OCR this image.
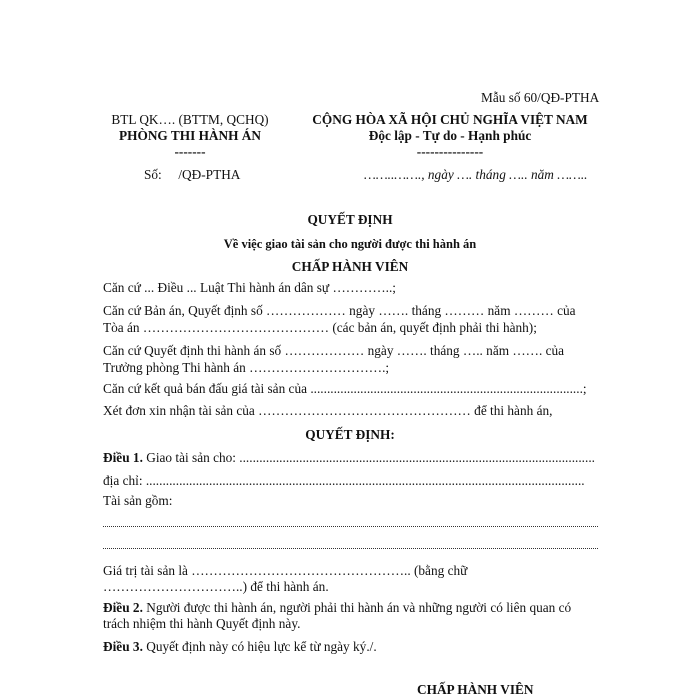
Mẫu số 60/QĐ-PTHA
BTL QK…. (BTTM, QCHQ)
PHÒNG THI HÀNH ÁN
-------
Số:     /QĐ-PTHA
CỘNG HÒA XÃ HỘI CHỦ NGHĨA VIỆT NAM
Độc lập - Tự do - Hạnh phúc
---------------
……..……., ngày …. tháng ….. năm ……..
QUYẾT ĐỊNH
Về việc giao tài sản cho người được thi hành án
CHẤP HÀNH VIÊN
Căn cứ ... Điều ... Luật Thi hành án dân sự …………..;
Căn cứ Bản án, Quyết định số ……………… ngày ……. tháng ……… năm ……… của
Tòa án …………………………………… (các bản án, quyết định phải thi hành);
Căn cứ Quyết định thi hành án số ……………… ngày ……. tháng ….. năm ……. của
Trưởng phòng Thi hành án ………………………….;
Căn cứ kết quả bán đấu giá tài sản của ..................................................................................;
Xét đơn xin nhận tài sản của ………………………………………… để thi hành án,
QUYẾT ĐỊNH:
Điều 1. Giao tài sản cho: ...........................................................................................................
địa chỉ: ....................................................................................................................................
Tài sản gồm:
Giá trị tài sản là ………………………………………….. (bằng chữ
…………………………..) để thi hành án.
Điều 2. Người được thi hành án, người phải thi hành án và những người có liên quan có
trách nhiệm thi hành Quyết định này.
Điều 3. Quyết định này có hiệu lực kể từ ngày ký./.
CHẤP HÀNH VIÊN
